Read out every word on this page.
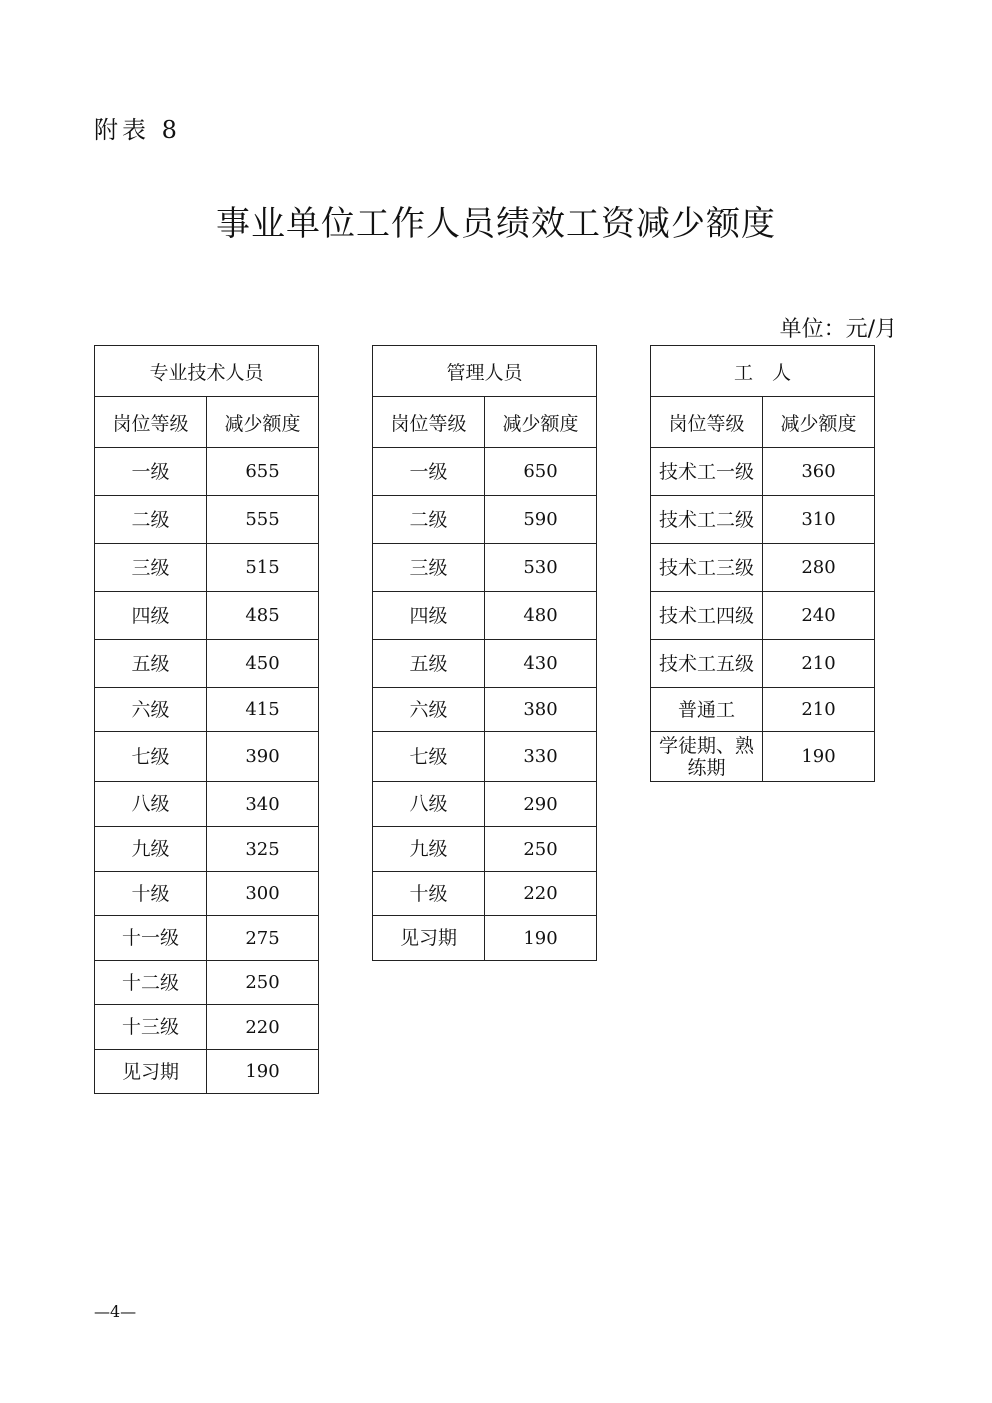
附表 8
事业单位工作人员绩效工资减少额度
单位：元/月
专业技术人员	
岗位等级	减少额度
一级	655
二级	555
三级	515
四级	485
五级	450
六级	415
七级	390
八级	340
九级	325
十级	300
十一级	275
十二级	250
十三级	220
见习期	190
管理人员	
岗位等级	减少额度
一级	650
二级	590
三级	530
四级	480
五级	430
六级	380
七级	330
八级	290
九级	250
十级	220
见习期	190
工　人	
岗位等级	减少额度
技术工一级	360
技术工二级	310
技术工三级	280
技术工四级	240
技术工五级	210
普通工	210
学徒期、熟练期	190
—4—
